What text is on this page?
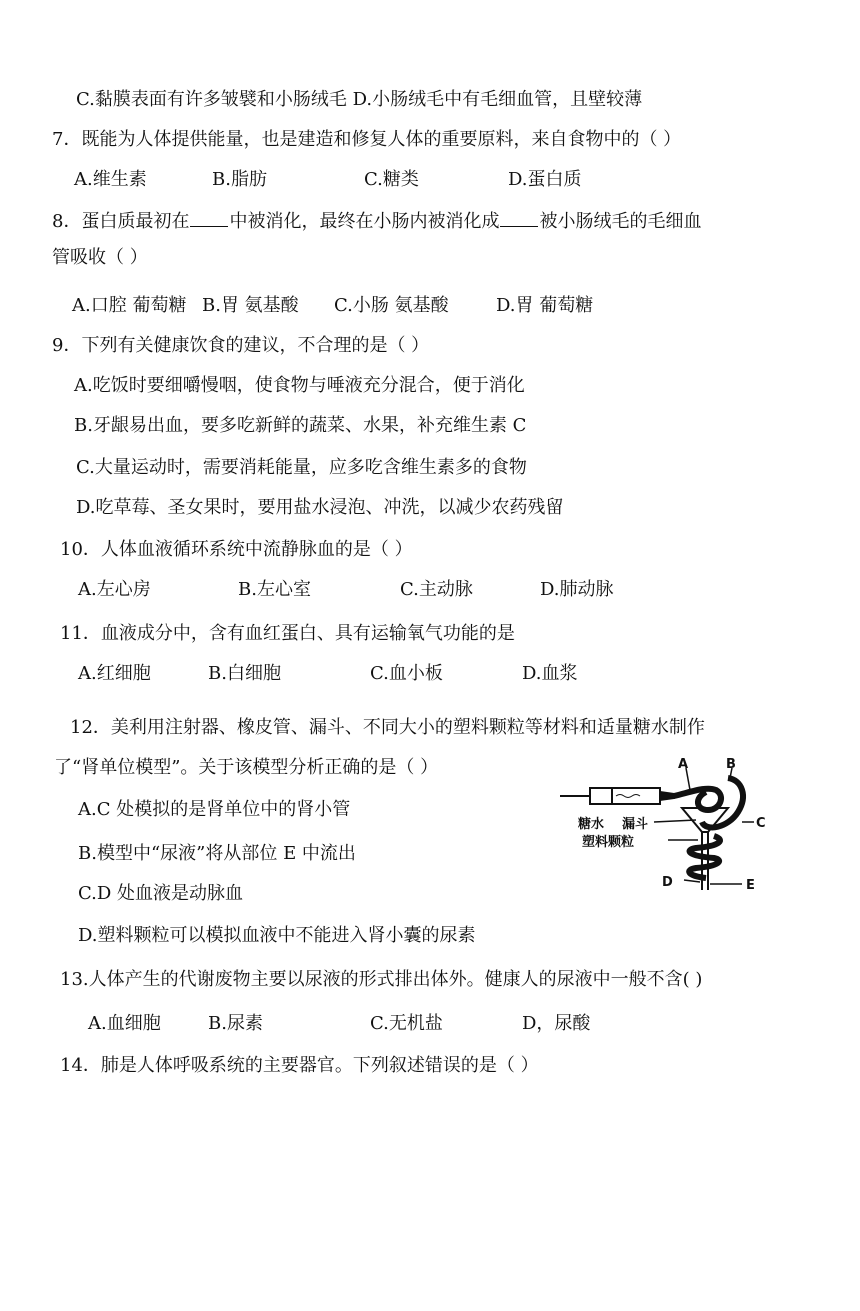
C.黏膜表面有许多皱襞和小肠绒毛 D.小肠绒毛中有毛细血管，且壁较薄
7．既能为人体提供能量，也是建造和修复人体的重要原料，来自食物中的（ ）
A.维生素	B.脂肪	C.糖类	D.蛋白质
8．蛋白质最初在 中被消化，最终在小肠内被消化成 被小肠绒毛的毛细血
管吸收（ ）
A.口腔 葡萄糖 B.胃 氨基酸 C.小肠 氨基酸	D.胃 葡萄糖
9．下列有关健康饮食的建议，不合理的是（ ）
A.吃饭时要细嚼慢咽，使食物与唾液充分混合，便于消化
B.牙龈易出血，要多吃新鲜的蔬菜、水果，补充维生素 C
C.大量运动时，需要消耗能量，应多吃含维生素多的食物
D.吃草莓、圣女果时，要用盐水浸泡、冲洗，以减少农药残留
10．人体血液循环系统中流静脉血的是（ ）
A.左心房	B.左心室	C.主动脉	D.肺动脉
11．血液成分中，含有血红蛋白、具有运输氧气功能的是
A.红细胞	B.白细胞	C.血小板	D.血浆
12．美利用注射器、橡皮管、漏斗、不同大小的塑料颗粒等材料和适量糖水制作
了“肾单位模型”。关于该模型分析正确的是（ ）
A.C 处模拟的是肾单位中的肾小管
B.模型中“尿液”将从部位 E 中流出
C.D 处血液是动脉血
D.塑料颗粒可以模拟血液中不能进入肾小囊的尿素
A	B
C
D	E
糖水 漏斗
塑料颗粒
13.人体产生的代谢废物主要以尿液的形式排出体外。健康人的尿液中一般不含( )
A.血细胞	B.尿素	C.无机盐	D，尿酸
14．肺是人体呼吸系统的主要器官。下列叙述错误的是（ ）
